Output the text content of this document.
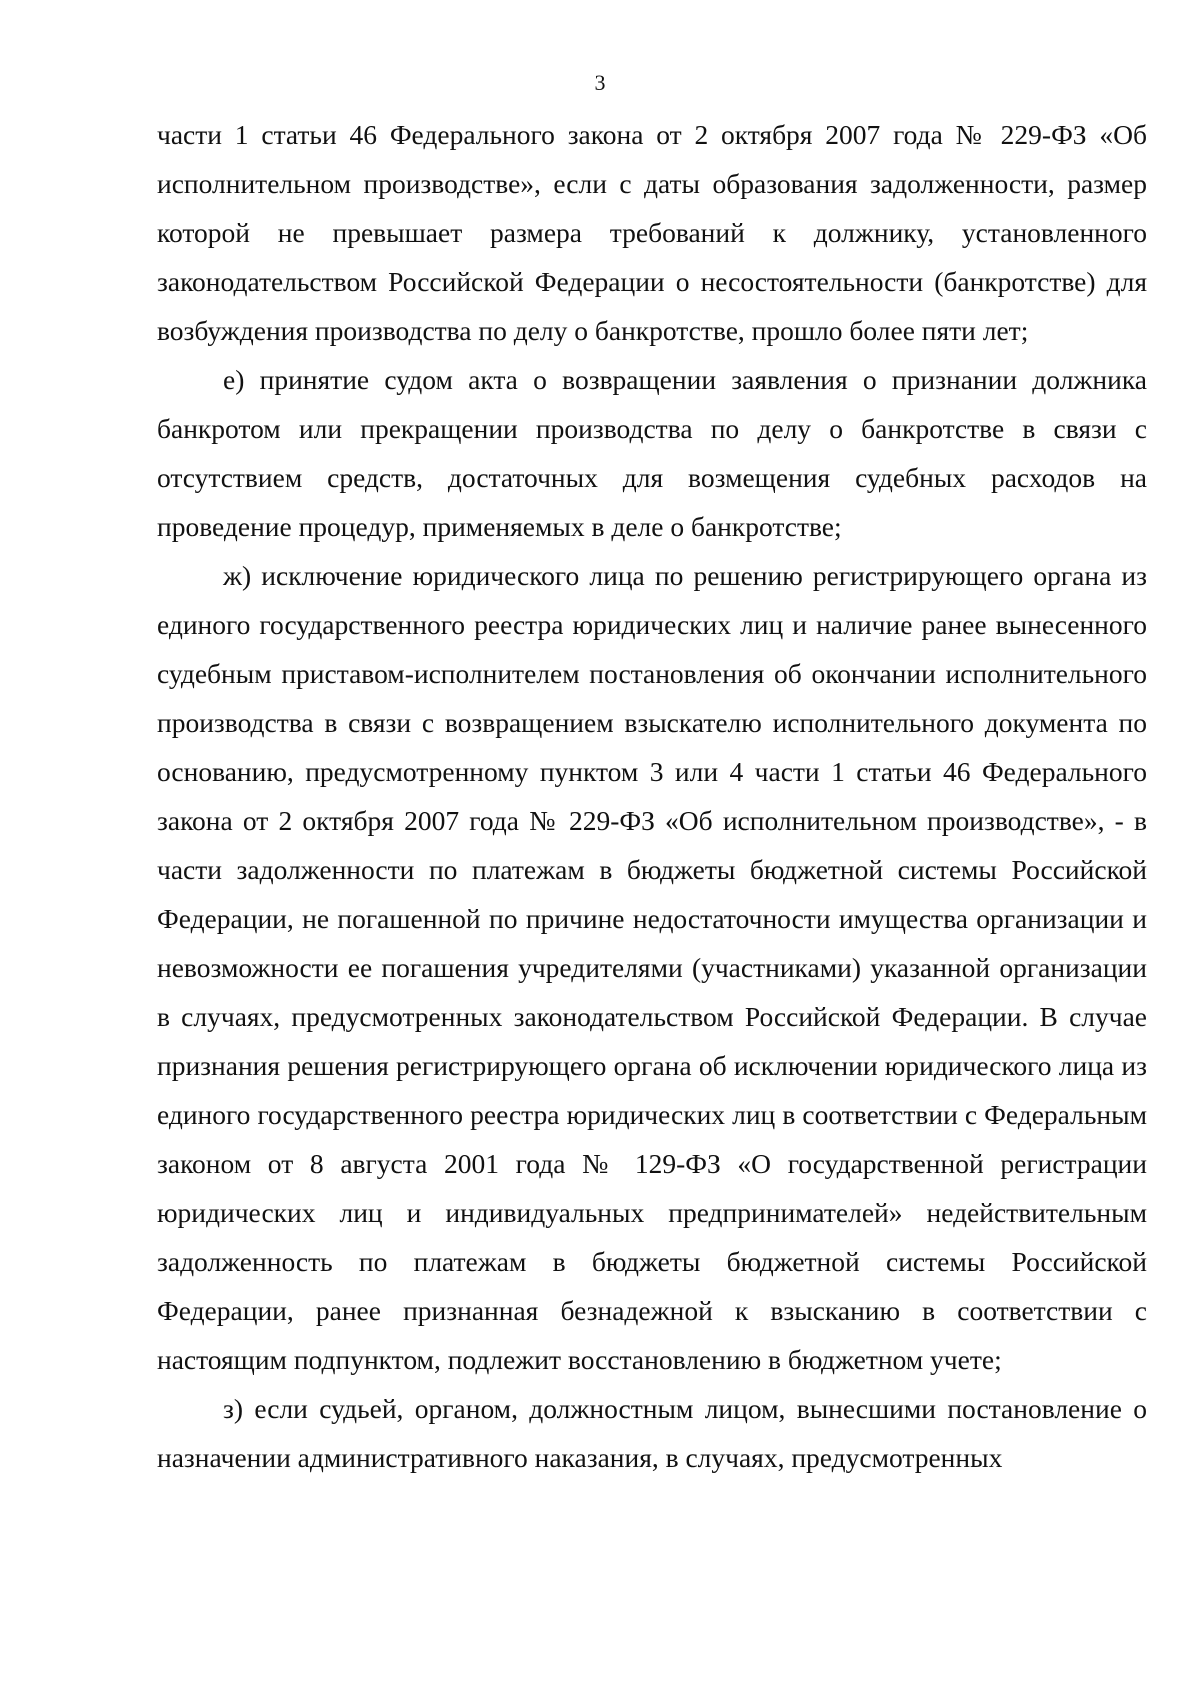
3

части 1 статьи 46 Федерального закона от 2 октября 2007 года № 229-ФЗ «Об исполнительном производстве», если с даты образования задолженности, размер которой не превышает размера требований к должнику, установленного законодательством Российской Федерации о несостоятельности (банкротстве) для возбуждения производства по делу о банкротстве, прошло более пяти лет;

е) принятие судом акта о возвращении заявления о признании должника банкротом или прекращении производства по делу о банкротстве в связи с отсутствием средств, достаточных для возмещения судебных расходов на проведение процедур, применяемых в деле о банкротстве;

ж) исключение юридического лица по решению регистрирующего органа из единого государственного реестра юридических лиц и наличие ранее вынесенного судебным приставом-исполнителем постановления об окончании исполнительного производства в связи с возвращением взыскателю исполнительного документа по основанию, предусмотренному пунктом 3 или 4 части 1 статьи 46 Федерального закона от 2 октября 2007 года № 229-ФЗ «Об исполнительном производстве», - в части задолженности по платежам в бюджеты бюджетной системы Российской Федерации, не погашенной по причине недостаточности имущества организации и невозможности ее погашения учредителями (участниками) указанной организации в случаях, предусмотренных законодательством Российской Федерации. В случае признания решения регистрирующего органа об исключении юридического лица из единого государственного реестра юридических лиц в соответствии с Федеральным законом от 8 августа 2001 года № 129-ФЗ «О государственной регистрации юридических лиц и индивидуальных предпринимателей» недействительным задолженность по платежам в бюджеты бюджетной системы Российской Федерации, ранее признанная безнадежной к взысканию в соответствии с настоящим подпунктом, подлежит восстановлению в бюджетном учете;

з) если судьей, органом, должностным лицом, вынесшими постановление о назначении административного наказания, в случаях, предусмотренных
